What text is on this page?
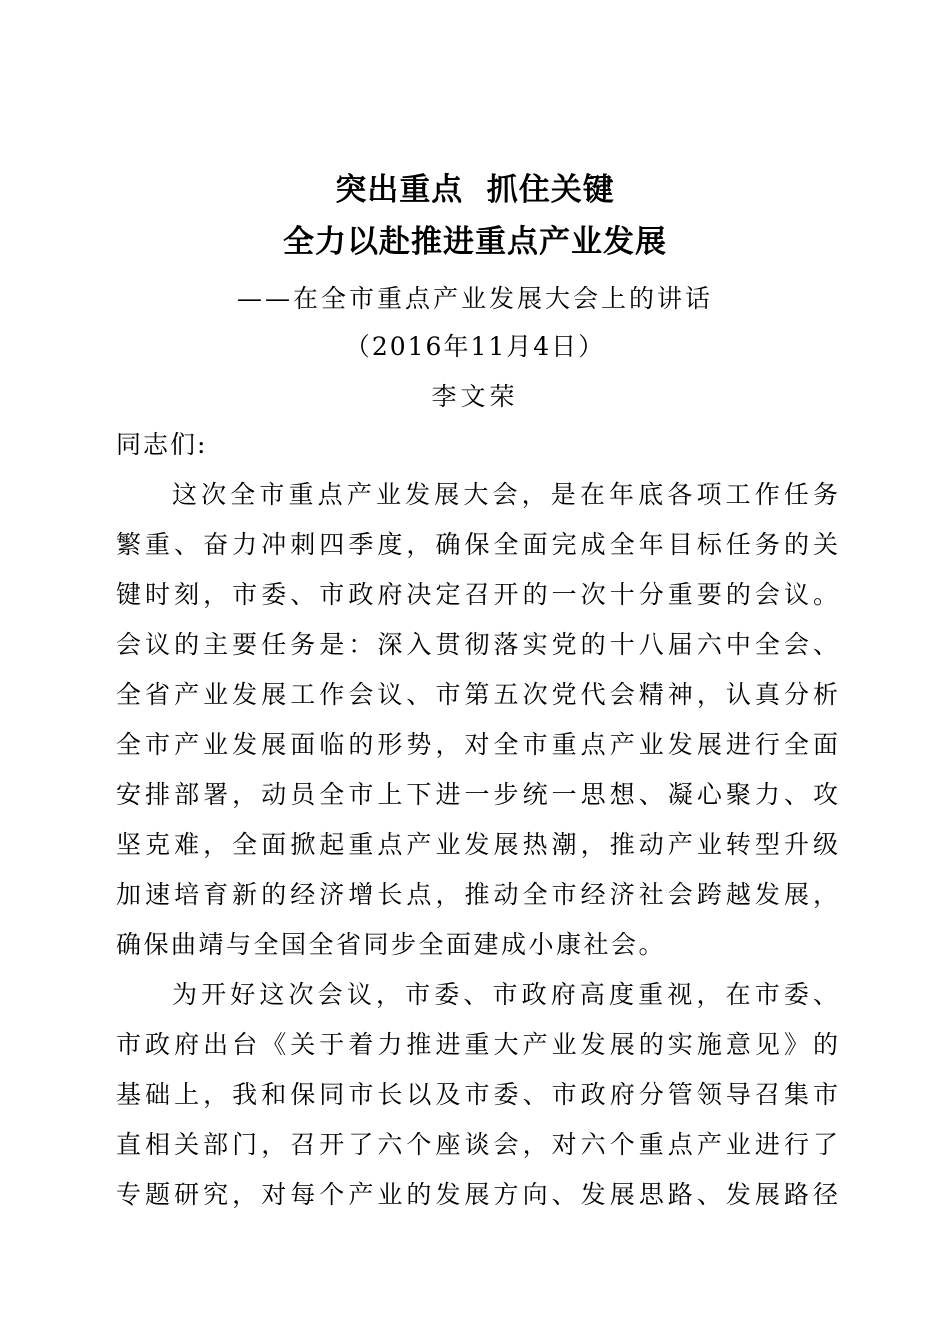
突出重点  抓住关键
全力以赴推进重点产业发展
——在全市重点产业发展大会上的讲话
（2016年11月4日）
李文荣
同志们:
这次全市重点产业发展大会，是在年底各项工作任务
繁重、奋力冲刺四季度，确保全面完成全年目标任务的关
键时刻，市委、市政府决定召开的一次十分重要的会议。
会议的主要任务是：深入贯彻落实党的十八届六中全会、
全省产业发展工作会议、市第五次党代会精神，认真分析
全市产业发展面临的形势，对全市重点产业发展进行全面
安排部署，动员全市上下进一步统一思想、凝心聚力、攻
坚克难，全面掀起重点产业发展热潮，推动产业转型升级
加速培育新的经济增长点，推动全市经济社会跨越发展，
确保曲靖与全国全省同步全面建成小康社会。
为开好这次会议，市委、市政府高度重视，在市委、
市政府出台《关于着力推进重大产业发展的实施意见》的
基础上，我和保同市长以及市委、市政府分管领导召集市
直相关部门，召开了六个座谈会，对六个重点产业进行了
专题研究，对每个产业的发展方向、发展思路、发展路径
